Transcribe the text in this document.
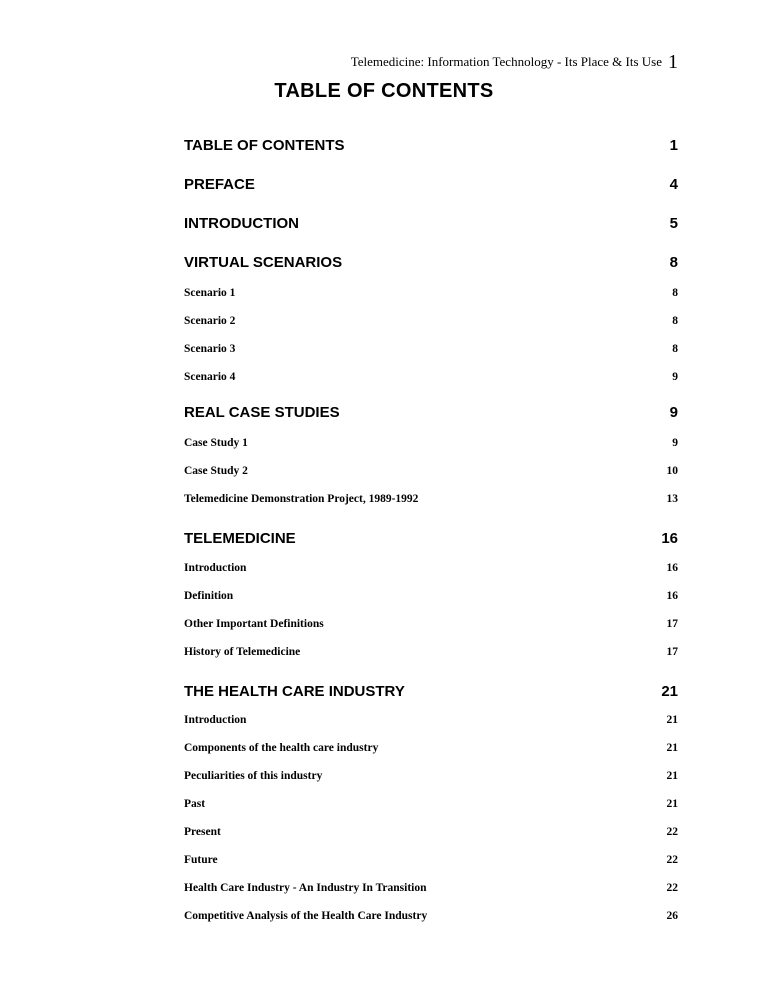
Telemedicine: Information Technology - Its Place & Its Use 1
TABLE OF CONTENTS
TABLE OF CONTENTS	1
PREFACE	4
INTRODUCTION	5
VIRTUAL SCENARIOS	8
Scenario 1	8
Scenario 2	8
Scenario 3	8
Scenario 4	9
REAL CASE STUDIES	9
Case Study 1	9
Case Study 2	10
Telemedicine Demonstration Project, 1989-1992	13
TELEMEDICINE	16
Introduction	16
Definition	16
Other Important Definitions	17
History of Telemedicine	17
THE HEALTH CARE INDUSTRY	21
Introduction	21
Components of the health care industry	21
Peculiarities of this industry	21
Past	21
Present	22
Future	22
Health Care Industry - An Industry In Transition	22
Competitive Analysis of the Health Care Industry	26
